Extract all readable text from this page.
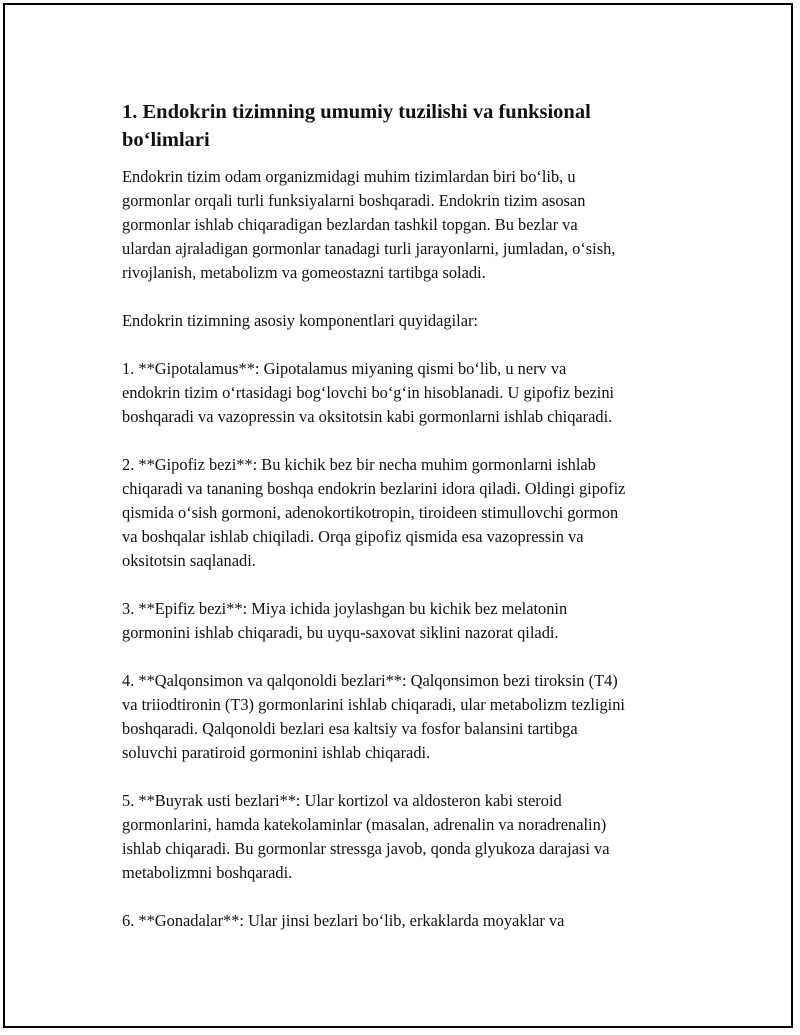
1. Endokrin tizimning umumiy tuzilishi va funksional
bo‘limlari

Endokrin tizim odam organizmidagi muhim tizimlardan biri bo‘lib, u
gormonlar orqali turli funksiyalarni boshqaradi. Endokrin tizim asosan
gormonlar ishlab chiqaradigan bezlardan tashkil topgan. Bu bezlar va
ulardan ajraladigan gormonlar tanadagi turli jarayonlarni, jumladan, o‘sish,
rivojlanish, metabolizm va gomeostazni tartibga soladi.

Endokrin tizimning asosiy komponentlari quyidagilar:

1. **Gipotalamus**: Gipotalamus miyaning qismi bo‘lib, u nerv va
endokrin tizim o‘rtasidagi bog‘lovchi bo‘g‘in hisoblanadi. U gipofiz bezini
boshqaradi va vazopressin va oksitotsin kabi gormonlarni ishlab chiqaradi.

2. **Gipofiz bezi**: Bu kichik bez bir necha muhim gormonlarni ishlab
chiqaradi va tananing boshqa endokrin bezlarini idora qiladi. Oldingi gipofiz
qismida o‘sish gormoni, adenokortikotropin, tiroideen stimullovchi gormon
va boshqalar ishlab chiqiladi. Orqa gipofiz qismida esa vazopressin va
oksitotsin saqlanadi.

3. **Epifiz bezi**: Miya ichida joylashgan bu kichik bez melatonin
gormonini ishlab chiqaradi, bu uyqu-saxovat siklini nazorat qiladi.

4. **Qalqonsimon va qalqonoldi bezlari**: Qalqonsimon bezi tiroksin (T4)
va triiodtironin (T3) gormonlarini ishlab chiqaradi, ular metabolizm tezligini
boshqaradi. Qalqonoldi bezlari esa kaltsiy va fosfor balansini tartibga
soluvchi paratiroid gormonini ishlab chiqaradi.

5. **Buyrak usti bezlari**: Ular kortizol va aldosteron kabi steroid
gormonlarini, hamda katekolaminlar (masalan, adrenalin va noradrenalin)
ishlab chiqaradi. Bu gormonlar stressga javob, qonda glyukoza darajasi va
metabolizmni boshqaradi.

6. **Gonadalar**: Ular jinsi bezlari bo‘lib, erkaklarda moyaklar va
